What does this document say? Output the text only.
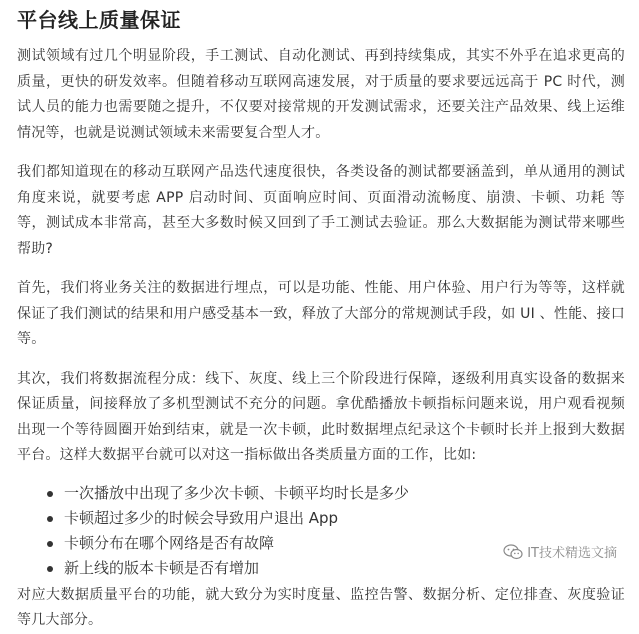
平台线上质量保证

测试领域有过几个明显阶段，手工测试、自动化测试、再到持续集成，其实不外乎在追求更高的质量，更快的研发效率。但随着移动互联网高速发展，对于质量的要求要远远高于 PC 时代，测试人员的能力也需要随之提升，不仅要对接常规的开发测试需求，还要关注产品效果、线上运维情况等，也就是说测试领域未来需要复合型人才。

我们都知道现在的移动互联网产品迭代速度很快，各类设备的测试都要涵盖到，单从通用的测试角度来说，就要考虑 APP 启动时间、页面响应时间、页面滑动流畅度、崩溃、卡顿、功耗 等等，测试成本非常高，甚至大多数时候又回到了手工测试去验证。那么大数据能为测试带来哪些帮助?

首先，我们将业务关注的数据进行埋点，可以是功能、性能、用户体验、用户行为等等，这样就保证了我们测试的结果和用户感受基本一致，释放了大部分的常规测试手段，如 UI 、性能、接口等。

其次，我们将数据流程分成：线下、灰度、线上三个阶段进行保障，逐级利用真实设备的数据来保证质量，间接释放了多机型测试不充分的问题。拿优酷播放卡顿指标问题来说，用户观看视频出现一个等待圆圈开始到结束，就是一次卡顿，此时数据埋点纪录这个卡顿时长并上报到大数据平台。这样大数据平台就可以对这一指标做出各类质量方面的工作，比如:

一次播放中出现了多少次卡顿、卡顿平均时长是多少
卡顿超过多少的时候会导致用户退出 App
卡顿分布在哪个网络是否有故障
新上线的版本卡顿是否有增加

对应大数据质量平台的功能，就大致分为实时度量、监控告警、数据分析、定位排查、灰度验证等几大部分。

IT技术精选文摘
